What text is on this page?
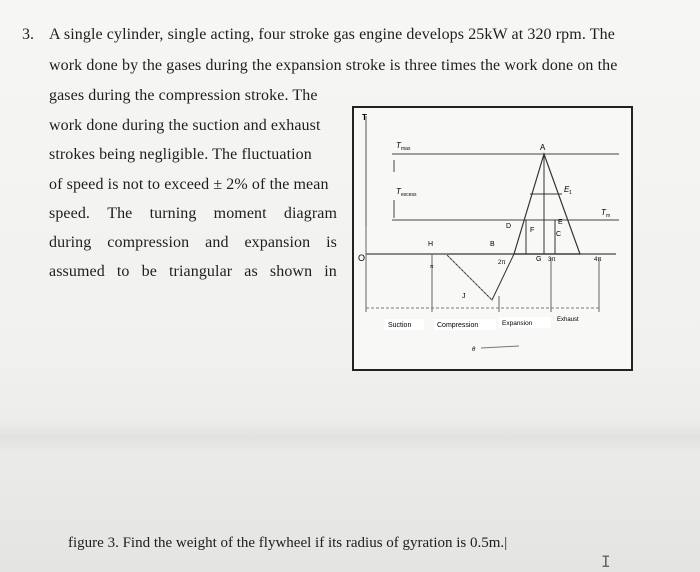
3. A single cylinder, single acting, four stroke gas engine develops 25kW at 320 rpm. The
work done by the gases during the expansion stroke is three times the work done on the
gases during the compression stroke. The
work done during the suction and exhaust
strokes being negligible. The fluctuation
of speed is not to exceed ± 2% of the mean
speed. The turning moment diagram
during compression and expansion is
assumed to be triangular as shown in
T
O
T max
T excess
T m
E 1
A
B
C
D
E
F
G
H
J
π
2π	3π	4π
Suction	Compression	Expansion	Exhaust
θ
figure 3. Find the weight of the flywheel if its radius of gyration is 0.5m.|
I
